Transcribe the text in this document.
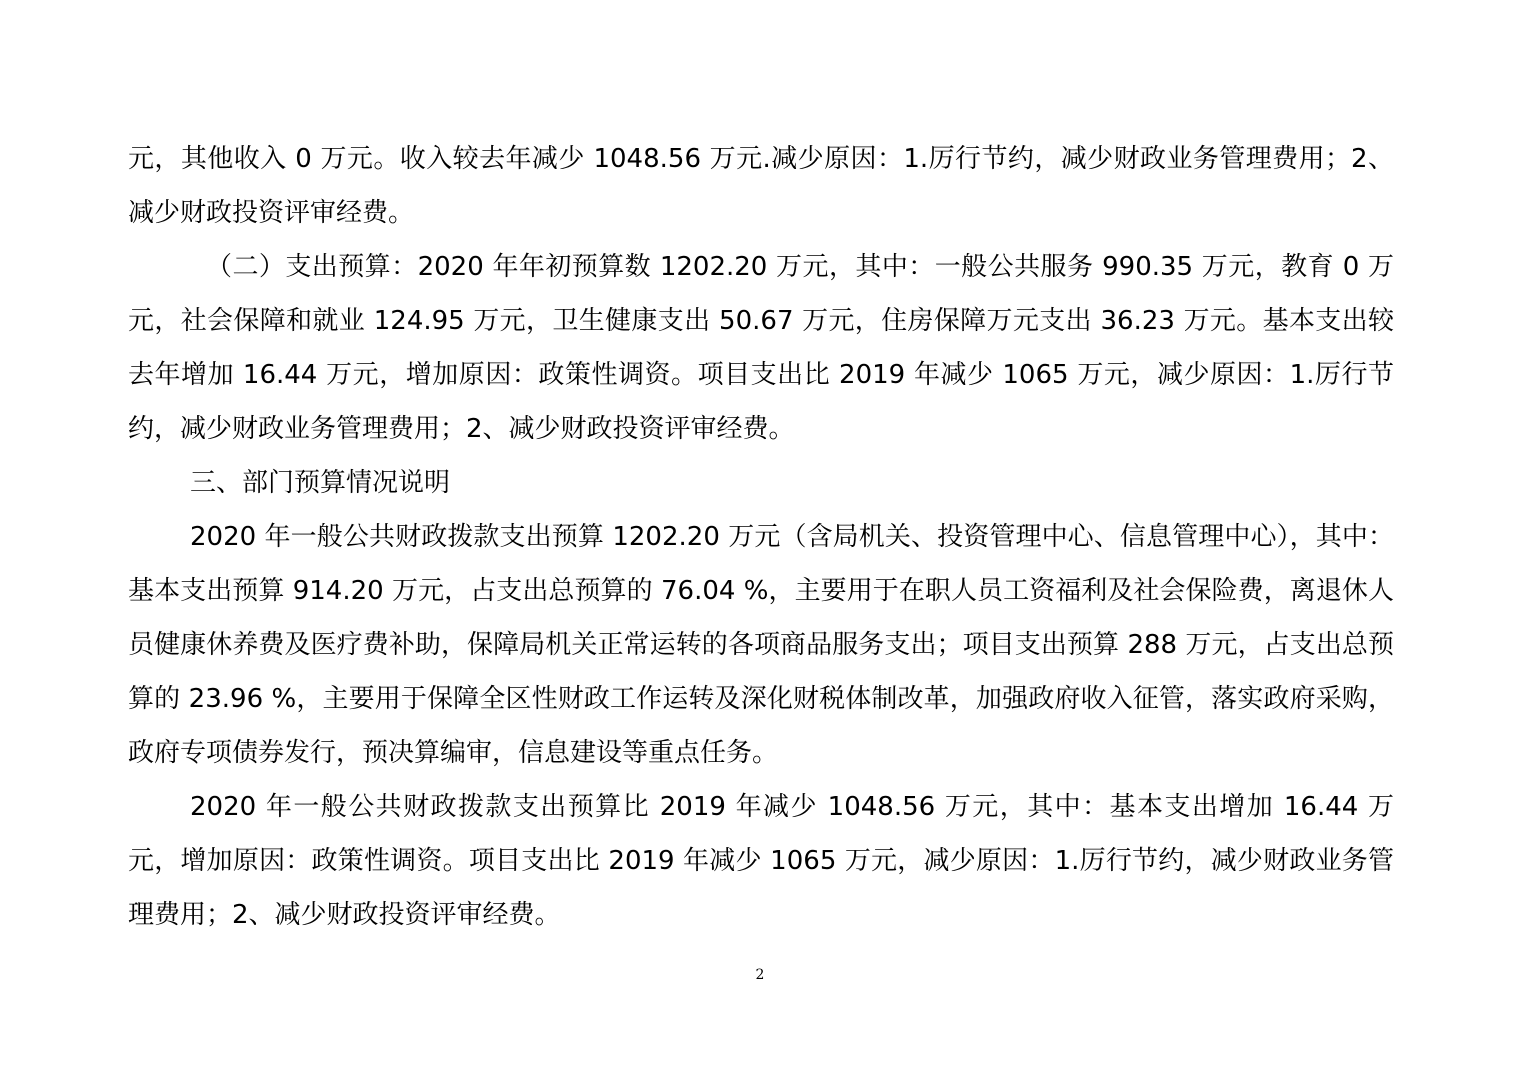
元，其他收入 0 万元。收入较去年减少 1048.56 万元.减少原因：1.厉行节约，减少财政业务管理费用；2、减少财政投资评审经费。

（二）支出预算：2020 年年初预算数 1202.20 万元，其中：一般公共服务 990.35 万元，教育 0 万元，社会保障和就业 124.95 万元，卫生健康支出 50.67 万元，住房保障万元支出 36.23 万元。基本支出较去年增加 16.44 万元，增加原因：政策性调资。项目支出比 2019 年减少 1065 万元，减少原因：1.厉行节约，减少财政业务管理费用；2、减少财政投资评审经费。

三、部门预算情况说明

2020 年一般公共财政拨款支出预算 1202.20 万元（含局机关、投资管理中心、信息管理中心），其中：基本支出预算 914.20 万元，占支出总预算的 76.04 %，主要用于在职人员工资福利及社会保险费，离退休人员健康休养费及医疗费补助，保障局机关正常运转的各项商品服务支出；项目支出预算 288 万元，占支出总预算的 23.96 %，主要用于保障全区性财政工作运转及深化财税体制改革，加强政府收入征管，落实政府采购，政府专项债券发行，预决算编审，信息建设等重点任务。

2020 年一般公共财政拨款支出预算比 2019 年减少 1048.56 万元，其中：基本支出增加 16.44 万元，增加原因：政策性调资。项目支出比 2019 年减少 1065 万元，减少原因：1.厉行节约，减少财政业务管理费用；2、减少财政投资评审经费。

2
